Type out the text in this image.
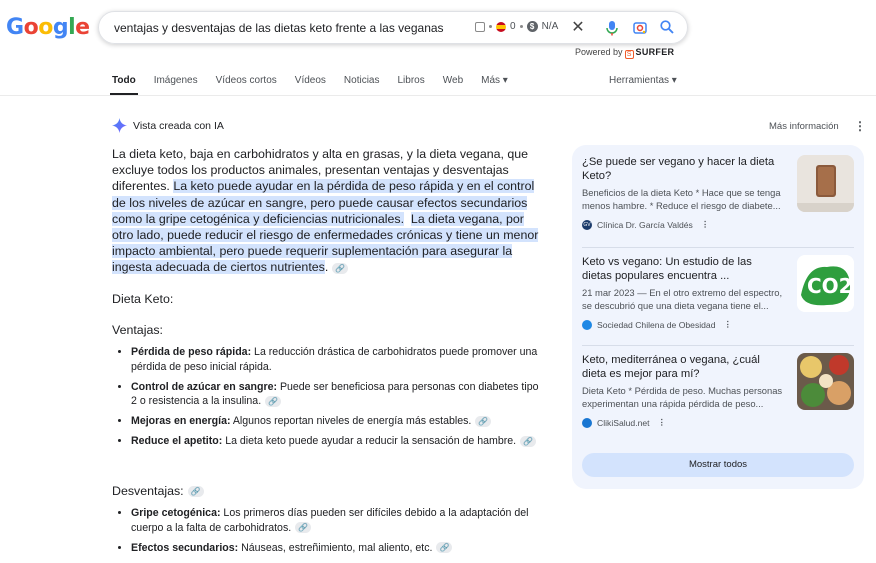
Google ventajas y desventajas de las dietas keto frente a las veganas	0	$ N/A ✕
Powered by S SURFER
Todo Imágenes Vídeos cortos Vídeos Noticias Libros Web Más ▾	Herramientas ▾
Vista creada con IA	Más información ⋮

La dieta keto, baja en carbohidratos y alta en grasas, y la dieta vegana, que excluye todos los productos animales, presentan ventajas y desventajas diferentes. La keto puede ayudar en la pérdida de peso rápida y en el control de los niveles de azúcar en sangre, pero puede causar efectos secundarios como la gripe cetogénica y deficiencias nutricionales. La dieta vegana, por otro lado, puede reducir el riesgo de enfermedades crónicas y tiene un menor impacto ambiental, pero puede requerir suplementación para asegurar la ingesta adecuada de ciertos nutrientes. 🔗

Dieta Keto:
Ventajas:
• Pérdida de peso rápida: La reducción drástica de carbohidratos puede promover una pérdida de peso inicial rápida.
• Control de azúcar en sangre: Puede ser beneficiosa para personas con diabetes tipo 2 o resistencia a la insulina. 🔗
• Mejoras en energía: Algunos reportan niveles de energía más estables. 🔗
• Reduce el apetito: La dieta keto puede ayudar a reducir la sensación de hambre. 🔗
Desventajas: 🔗
• Gripe cetogénica: Los primeros días pueden ser difíciles debido a la adaptación del cuerpo a la falta de carbohidratos. 🔗
• Efectos secundarios: Náuseas, estreñimiento, mal aliento, etc. 🔗
¿Se puede ser vegano y hacer la dieta Keto?
Beneficios de la dieta Keto * Hace que se tenga menos hambre. * Reduce el riesgo de diabete...
GV Clínica Dr. García Valdés ⋮
Keto vs vegano: Un estudio de las dietas populares encuentra ...
21 mar 2023 — En el otro extremo del espectro, se descubrió que una dieta vegana tiene el...
Sociedad Chilena de Obesidad ⋮
CO2
Keto, mediterránea o vegana, ¿cuál dieta es mejor para mí?
Dieta Keto * Pérdida de peso. Muchas personas experimentan una rápida pérdida de peso...
ClikiSalud.net ⋮
Mostrar todos
